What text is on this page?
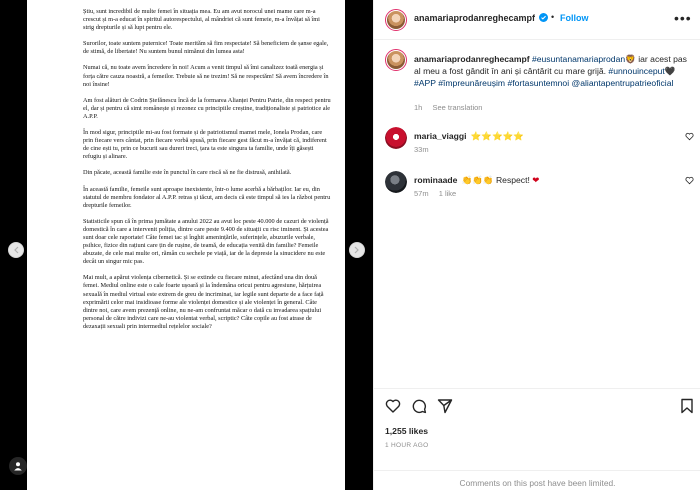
Știu, sunt incredibil de multe femei în situația mea. Eu am avut norocul unei mame care m-a crescut și m-a educat în spiritul autorespectului, al mândriei că sunt femeie, m-a învățat să îmi strig drepturile și să lupt pentru ele.

Surorilor, toate suntem puternice! Toate merităm să fim respectate! Să beneficiem de șanse egale, de stimă, de libertate! Nu suntem bunul nimănui din lumea asta!

Numai că, nu toate avem încredere în noi! Acum a venit timpul să îmi canalizez toată energia și forța către cauza noastră, a femeilor. Trebuie să ne trezim! Să ne respectăm! Să avem încredere în noi însine!

Am fost alături de Codrin Ștefănescu încă de la formarea Alianței Pentru Patrie, din respect pentru el, dar și pentru că simt românește și rezonez cu principiile creștine, tradiționaliste și patriotice ale A.P.P.

În mod sigur, principiile mi-au fost formate și de patriotismul mamei mele, Ionela Prodan, care prin fiecare vers cântat, prin fiecare vorbă spusă, prin fiecare gest făcut m-a învățat că, indiferent de cine ești tu, prin ce bucurii sau dureri treci, țara ta este singura ta familie, unde îți găsești refugiu și alinare.

Din păcate, această familie este în punctul în care riscă să ne fie distrusă, anihilată.

În această familie, femeile sunt aproape inexistente, într-o lume acerbă a bărbaților. Iar eu, din statutul de membru fondator al A.P.P. retras și tăcut, am decis că este timpul să ies la război pentru drepturile femeilor.

Statisticile spun că în prima jumătate a anului 2022 au avut loc peste 40.000 de cazuri de violență domestică în care a intervenit poliția, dintre care peste 9.400 de situații cu risc iminent. Și acestea sunt doar cele raportate! Câte femei tac și înghit amenințările, suferințele, abuzurile verbale, psihice, fizice din rațiuni care țin de rușine, de teamă, de educația venită din familie? Femeile abuzate, de cele mai multe ori, rămân cu sechele pe viață, iar de la depresie la sinucidere nu este decât un singur mic pas.

Mai mult, a apărut violența cibernetică. Și se extinde cu fiecare minut, afectând una din două femei. Mediul online este o cale foarte ușoară și la îndemâna oricui pentru agresiune, hărțuirea sexuală în mediul virtual este extrem de greu de incriminat, iar legile sunt departe de a face față exprimării celor mai insidioase forme ale violenței domestice și ale violenței în general. Câte dintre noi, care avem prezență online, nu ne-am confruntat măcar o dată cu invadarea spațiului personal de către indivizi care ne-au violentat verbal, scriptic? Câte copile au fost atrase de dezaxații sexuali prin intermediul rețelelor sociale?

anamariaprodanreghecampf • Follow	•••
anamariaprodanreghecampf #eusuntanamariaprodan🦁 iar acest pas al meu a fost gândit în ani și cântărit cu mare grijă. #unnouinceput🖤 #APP #împreunăreușim #fortasuntemnoi @aliantapentrupatrieoficial
1h See translation
maria_viaggi ⭐⭐⭐⭐⭐
33m
rominaade 👏👏👏 Respect! ❤
57m 1 like
1,255 likes
1 HOUR AGO
Comments on this post have been limited.
